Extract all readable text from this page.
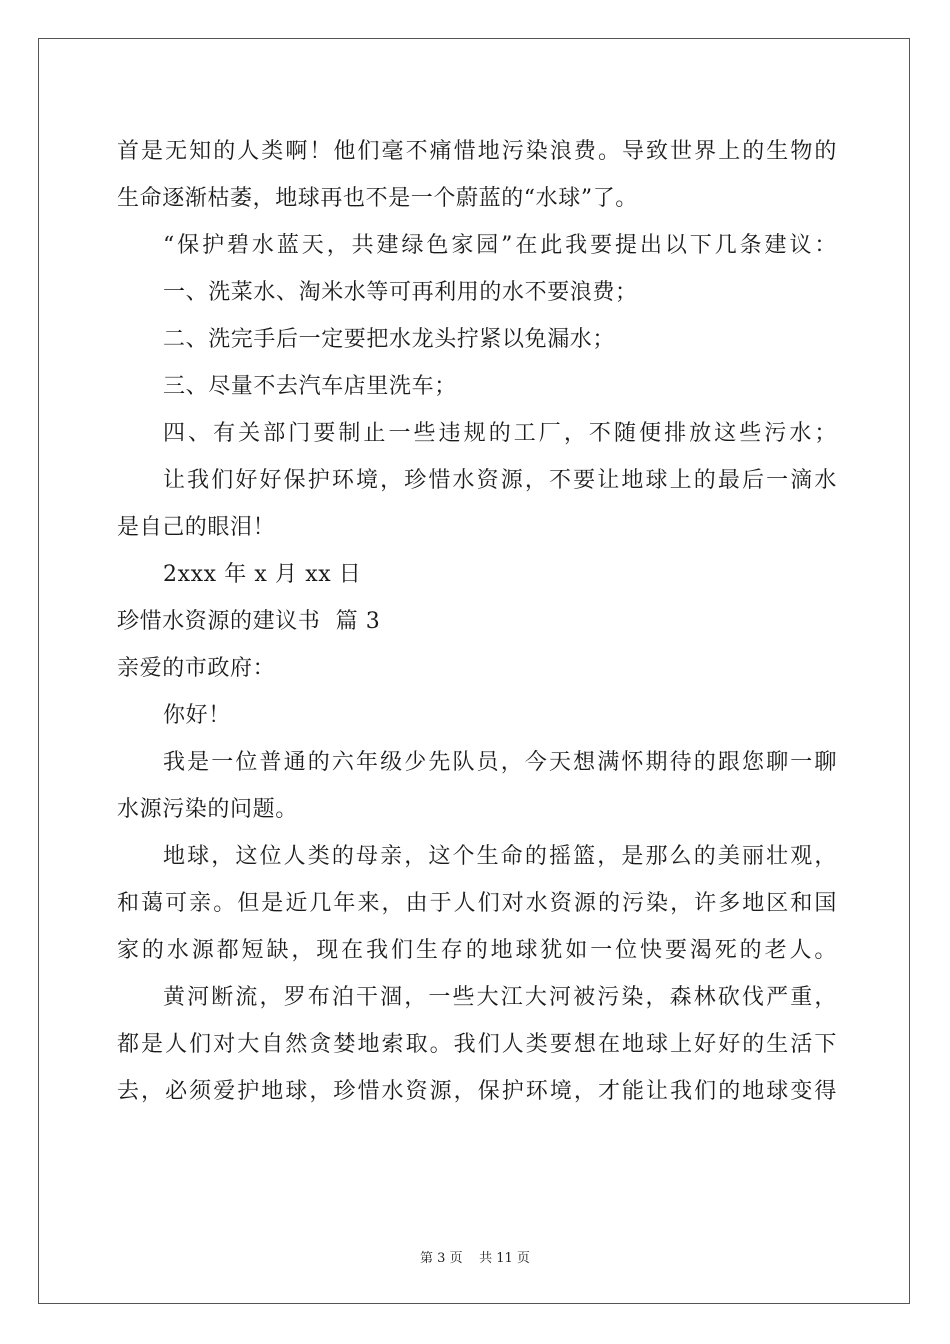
首是无知的人类啊！他们毫不痛惜地污染浪费。导致世界上的生物的
生命逐渐枯萎，地球再也不是一个蔚蓝的“水球”了。
“保护碧水蓝天，共建绿色家园”在此我要提出以下几条建议：
一、洗菜水、淘米水等可再利用的水不要浪费；
二、洗完手后一定要把水龙头拧紧以免漏水；
三、尽量不去汽车店里洗车；
四、有关部门要制止一些违规的工厂，不随便排放这些污水；
让我们好好保护环境，珍惜水资源，不要让地球上的最后一滴水
是自己的眼泪！
2xxx 年 x 月 xx 日
珍惜水资源的建议书  篇 3
亲爱的市政府：
你好！
我是一位普通的六年级少先队员，今天想满怀期待的跟您聊一聊
水源污染的问题。
地球，这位人类的母亲，这个生命的摇篮，是那么的美丽壮观，
和蔼可亲。但是近几年来，由于人们对水资源的污染，许多地区和国
家的水源都短缺，现在我们生存的地球犹如一位快要渴死的老人。
黄河断流，罗布泊干涸，一些大江大河被污染，森林砍伐严重，
都是人们对大自然贪婪地索取。我们人类要想在地球上好好的生活下
去，必须爱护地球，珍惜水资源，保护环境，才能让我们的地球变得
第 3 页 共 11 页
